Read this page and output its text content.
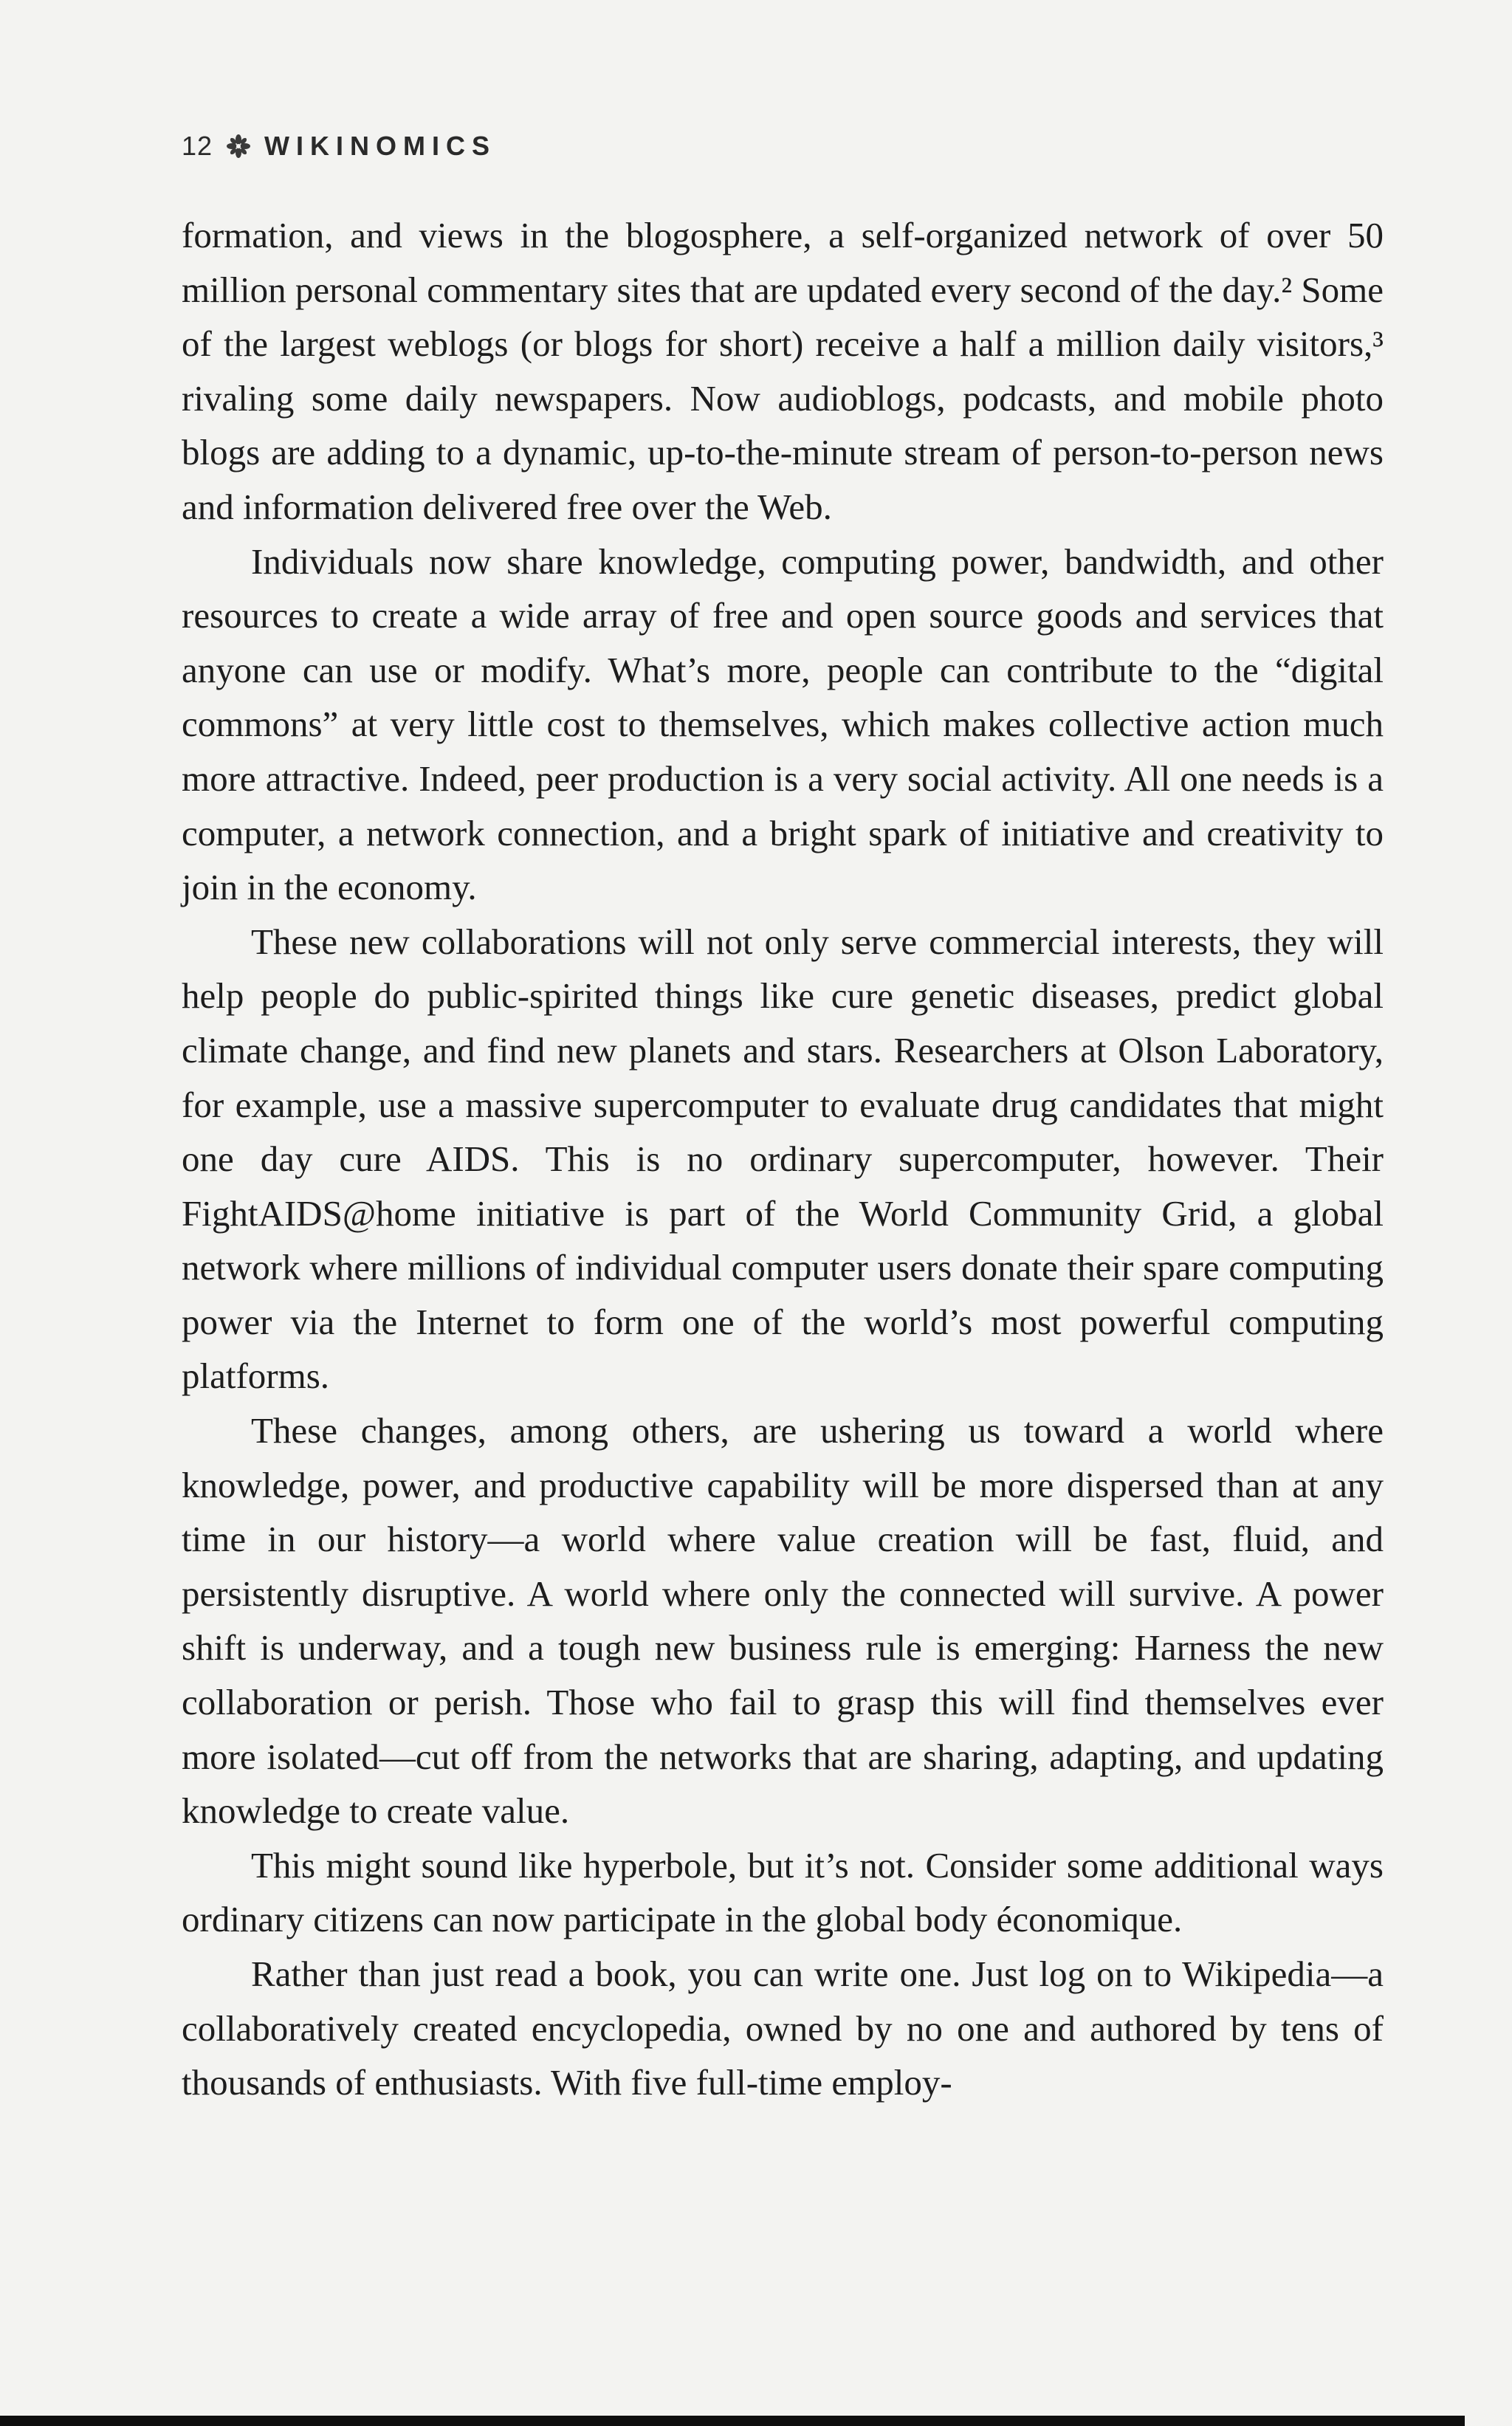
12 WIKINOMICS

formation, and views in the blogosphere, a self-organized network of over 50 million personal commentary sites that are updated every second of the day.² Some of the largest weblogs (or blogs for short) receive a half a million daily visitors,³ rivaling some daily newspapers. Now audioblogs, podcasts, and mobile photo blogs are adding to a dynamic, up-to-the-minute stream of person-to-person news and information delivered free over the Web.

Individuals now share knowledge, computing power, bandwidth, and other resources to create a wide array of free and open source goods and services that anyone can use or modify. What’s more, people can contribute to the “digital commons” at very little cost to themselves, which makes collective action much more attractive. Indeed, peer production is a very social activity. All one needs is a computer, a network connection, and a bright spark of initiative and creativity to join in the economy.

These new collaborations will not only serve commercial interests, they will help people do public-spirited things like cure genetic diseases, predict global climate change, and find new planets and stars. Researchers at Olson Laboratory, for example, use a massive supercomputer to evaluate drug candidates that might one day cure AIDS. This is no ordinary supercomputer, however. Their FightAIDS@home initiative is part of the World Community Grid, a global network where millions of individual computer users donate their spare computing power via the Internet to form one of the world’s most powerful computing platforms.

These changes, among others, are ushering us toward a world where knowledge, power, and productive capability will be more dispersed than at any time in our history—a world where value creation will be fast, fluid, and persistently disruptive. A world where only the connected will survive. A power shift is underway, and a tough new business rule is emerging: Harness the new collaboration or perish. Those who fail to grasp this will find themselves ever more isolated—cut off from the networks that are sharing, adapting, and updating knowledge to create value.

This might sound like hyperbole, but it’s not. Consider some additional ways ordinary citizens can now participate in the global body économique.

Rather than just read a book, you can write one. Just log on to Wikipedia—a collaboratively created encyclopedia, owned by no one and authored by tens of thousands of enthusiasts. With five full-time employ-
